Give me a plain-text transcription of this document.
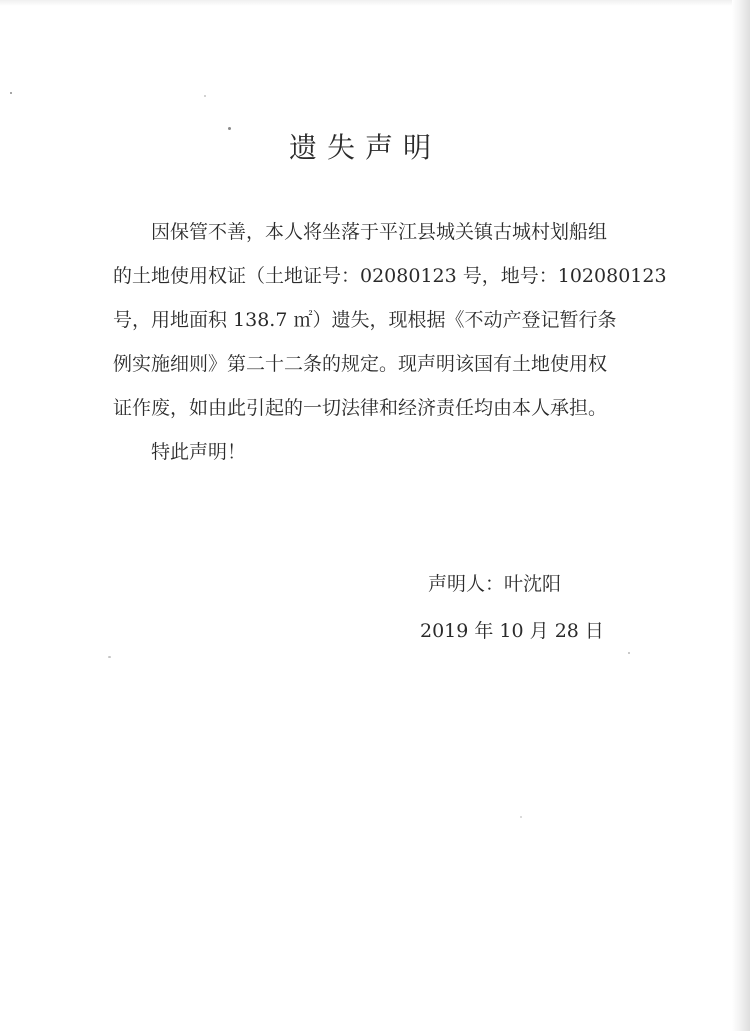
遗失声明
因保管不善，本人将坐落于平江县城关镇古城村划船组
的土地使用权证（土地证号：02080123 号，地号：102080123
号，用地面积 138.7 ㎡）遗失，现根据《不动产登记暂行条
例实施细则》第二十二条的规定。现声明该国有土地使用权
证作废，如由此引起的一切法律和经济责任均由本人承担。
特此声明！

声明人：叶沈阳

2019 年 10 月 28 日
